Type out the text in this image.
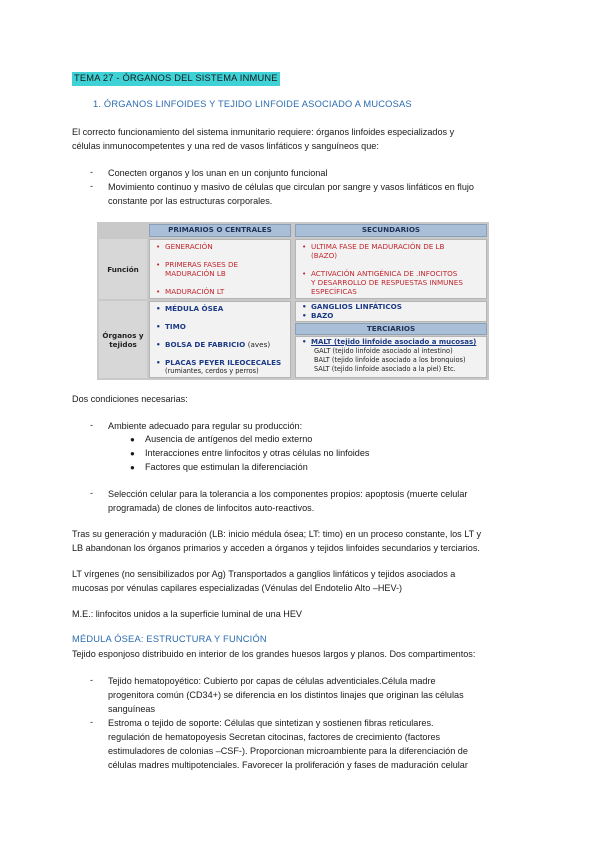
TEMA 27 - ÓRGANOS DEL SISTEMA INMUNE
1. ÓRGANOS LINFOIDES Y TEJIDO LINFOIDE ASOCIADO A MUCOSAS
El correcto funcionamiento del sistema inmunitario requiere: órganos linfoides especializados y
células inmunocompetentes y una red de vasos linfáticos y sanguíneos que:
- Conecten organos y los unan en un conjunto funcional
- Movimiento continuo y masivo de células que circulan por sangre y vasos linfáticos en flujo
constante por las estructuras corporales.
PRIMARIOS O CENTRALES	SECUNDARIOS
Función
Órganos y
tejidos
• GENERACIÓN
• PRIMERAS FASES DE
MADURACIÓN LB
• MADURACIÓN LT
• ULTIMA FASE DE MADURACIÓN DE LB
(BAZO)
• ACTIVACIÓN ANTIGÉNICA DE .INFOCITOS
Y DESARROLLO DE RESPUESTAS INMUNES
ESPECÍFICAS
• MÉDULA ÓSEA
• TIMO
• BOLSA DE FABRICIO (aves)
• PLACAS PEYER ILEOCECALES
(rumiantes, cerdos y perros)
• GANGLIOS LINFÁTICOS
• BAZO
TERCIARIOS
• MALT (tejido linfoide asociado a mucosas)
GALT (tejido linfoide asociado al intestino)
BALT (tejido linfoide asociado a los bronquios)
SALT (tejido linfoide asociado a la piel) Etc.
Dos condiciones necesarias:
- Ambiente adecuado para regular su producción:
● Ausencia de antígenos del medio externo
● Interacciones entre linfocitos y otras células no linfoides
● Factores que estimulan la diferenciación
- Selección celular para la tolerancia a los componentes propios: apoptosis (muerte celular
programada) de clones de linfocitos auto-reactivos.
Tras su generación y maduración (LB: inicio médula ósea; LT: timo) en un proceso constante, los LT y
LB abandonan los órganos primarios y acceden a órganos y tejidos linfoides secundarios y terciarios.
LT vírgenes (no sensibilizados por Ag) Transportados a ganglios linfáticos y tejidos asociados a
mucosas por vénulas capilares especializadas (Vénulas del Endotelio Alto –HEV-)
M.E.: linfocitos unidos a la superficie luminal de una HEV
MÉDULA ÓSEA: ESTRUCTURA Y FUNCIÓN
Tejido esponjoso distribuido en interior de los grandes huesos largos y planos. Dos compartimentos:
- Tejido hematopoyético: Cubierto por capas de células adventiciales.Célula madre
progenitora común (CD34+) se diferencia en los distintos linajes que originan las células
sanguíneas
- Estroma o tejido de soporte: Células que sintetizan y sostienen fibras reticulares.
regulación de hematopoyesis Secretan citocinas, factores de crecimiento (factores
estimuladores de colonias –CSF-). Proporcionan microambiente para la diferenciación de
células madres multipotenciales. Favorecer la proliferación y fases de maduración celular
